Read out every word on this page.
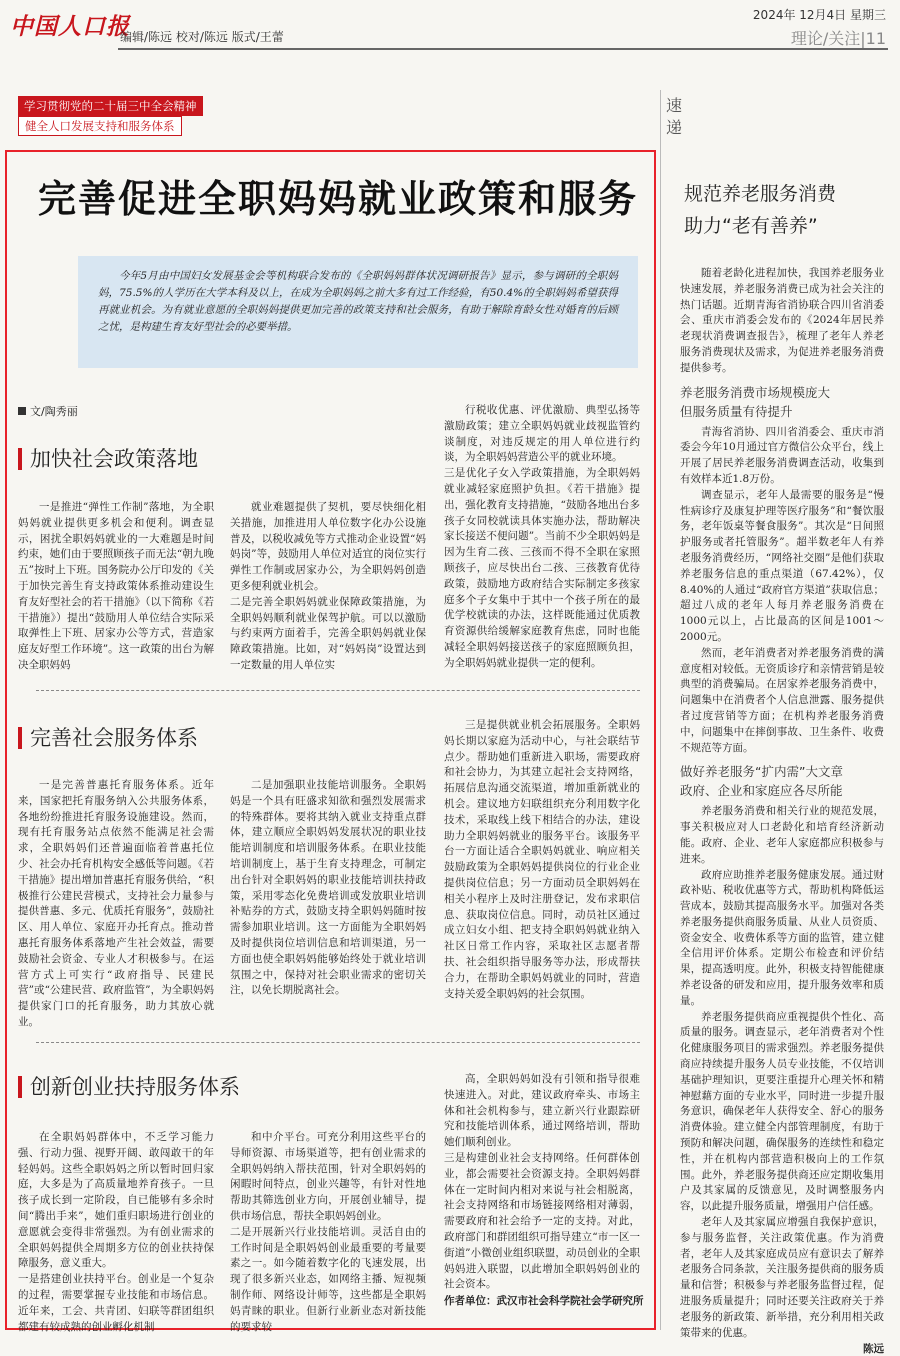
中国人口报
编辑/陈远 校对/陈远 版式/王蕾
2024年 12月4日 星期三
理论/关注|11
学习贯彻党的二十届三中全会精神
健全人口发展支持和服务体系
完善促进全职妈妈就业政策和服务
今年5月由中国妇女发展基金会等机构联合发布的《全职妈妈群体状况调研报告》显示，参与调研的全职妈妈，75.5%的人学历在大学本科及以上，在成为全职妈妈之前大多有过工作经验，有50.4%的全职妈妈希望获得再就业机会。为有就业意愿的全职妈妈提供更加完善的政策支持和社会服务，有助于解除育龄女性对婚育的后顾之忧，是构建生育友好型社会的必要举措。
文/陶秀丽
加快社会政策落地
一是推进“弹性工作制”落地，为全职妈妈就业提供更多机会和便利。调查显示，困扰全职妈妈就业的一大难题是时间约束，她们由于要照顾孩子而无法“朝九晚五”按时上下班。国务院办公厅印发的《关于加快完善生育支持政策体系推动建设生育友好型社会的若干措施》（以下简称《若干措施》）提出“鼓励用人单位结合实际采取弹性上下班、居家办公等方式，营造家庭友好型工作环境”。这一政策的出台为解决全职妈妈
就业难题提供了契机，要尽快细化相关措施，加推进用人单位数字化办公设施普及，以税收减免等方式推动企业设置“妈妈岗”等，鼓励用人单位对适宜的岗位实行弹性工作制或居家办公，为全职妈妈创造更多便利就业机会。
二是完善全职妈妈就业保障政策措施，为全职妈妈顺利就业保驾护航。可以以激励与约束两方面着手，完善全职妈妈就业保障政策措施。比如，对“妈妈岗”设置达到一定数量的用人单位实
行税收优惠、评优激励、典型弘扬等激励政策；建立全职妈妈就业歧视监管约谈制度，对违反规定的用人单位进行约谈，为全职妈妈营造公平的就业环境。
三是优化子女入学政策措施，为全职妈妈就业减轻家庭照护负担。《若干措施》提出，强化教育支持措施，“鼓励各地出台多孩子女同校就读具体实施办法，帮助解决家长接送不便问题”。当前不少全职妈妈是因为生育二孩、三孩而不得不全职在家照顾孩子，应尽快出台二孩、三孩教育优待政策，鼓励地方政府结合实际制定多孩家庭多个子女集中于其中一个孩子所在的最优学校就读的办法，这样既能通过优质教育资源供给缓解家庭教育焦虑，同时也能减轻全职妈妈接送孩子的家庭照顾负担，为全职妈妈就业提供一定的便利。
完善社会服务体系
一是完善普惠托育服务体系。近年来，国家把托育服务纳入公共服务体系，各地纷纷推进托育服务设施建设。然而，现有托育服务站点依然不能满足社会需求，全职妈妈们还普遍面临着普惠托位少、社会办托育机构安全感低等问题。《若干措施》提出增加普惠托育服务供给，“积极推行公建民营模式，支持社会力量参与提供普惠、多元、优质托育服务”，鼓励社区、用人单位、家庭开办托育点。推动普惠托育服务体系落地产生社会效益，需要鼓励社会资金、专业人才积极参与。在运营方式上可实行“政府指导、民建民营”或“公建民营、政府监管”，为全职妈妈提供家门口的托育服务，助力其放心就业。
二是加强职业技能培训服务。全职妈妈是一个具有旺盛求知欲和强烈发展需求的特殊群体。要将其纳入就业支持重点群体，建立顺应全职妈妈发展状况的职业技能培训制度和培训服务体系。在职业技能培训制度上，基于生育支持理念，可制定出台针对全职妈妈的职业技能培训扶持政策，采用零态化免费培训或发放职业培训补贴券的方式，鼓励支持全职妈妈随时按需参加职业培训。这一方面能为全职妈妈及时提供岗位培训信息和培训渠道，另一方面也使全职妈妈能够始终处于就业培训氛围之中，保持对社会职业需求的密切关注，以免长期脱离社会。
三是提供就业机会拓展服务。全职妈妈长期以家庭为活动中心，与社会联结节点少。帮助她们重新进入职场，需要政府和社会协力，为其建立起社会支持网络，拓展信息沟通交流渠道，增加重新就业的机会。建议地方妇联组织充分利用数字化技术，采取线上线下相结合的办法，建设助力全职妈妈就业的服务平台。该服务平台一方面让适合全职妈妈就业、响应相关鼓励政策为全职妈妈提供岗位的行业企业提供岗位信息；另一方面动员全职妈妈在相关小程序上及时注册登记，发布求职信息、获取岗位信息。同时，动员社区通过成立妇女小组、把支持全职妈妈就业纳入社区日常工作内容，采取社区志愿者帮扶、社会组织指导服务等办法，形成帮扶合力，在帮助全职妈妈就业的同时，营造支持关爱全职妈妈的社会氛围。
创新创业扶持服务体系
在全职妈妈群体中，不乏学习能力强、行动力强、视野开阔、敢闯敢干的年轻妈妈。这些全职妈妈之所以暂时回归家庭，大多是为了高质量地养育孩子。一旦孩子成长到一定阶段，自已能够有多余时间“腾出手来”，她们重归职场进行创业的意愿就会变得非常强烈。为有创业需求的全职妈妈提供全周期多方位的创业扶持保障服务，意义重大。
一是搭建创业扶持平台。创业是一个复杂的过程，需要掌握专业技能和市场信息。近年来，工会、共青团、妇联等群团组织都建有较成熟的创业孵化机制
和中介平台。可充分利用这些平台的导师资源、市场渠道等，把有创业需求的全职妈妈纳入帮扶范围，针对全职妈妈的闲暇时间特点，创业兴趣等，有针对性地帮助其筛选创业方向，开展创业辅导，提供市场信息，帮扶全职妈妈创业。
二是开展新兴行业技能培训。灵活自由的工作时间是全职妈妈创业最重要的考量要素之一。如今随着数字化的飞速发展，出现了很多新兴业态，如网络主播、短视频制作师、网络设计师等，这些都是全职妈妈青睐的职业。但新行业新业态对新技能的要求较
高，全职妈妈如没有引领和指导很难快速进入。对此，建议政府牵头、市场主体和社会机构参与，建立新兴行业跟踪研究和技能培训体系，通过网络培训，帮助她们顺利创业。
三是构建创业社会支持网络。任何群体创业，都会需要社会资源支持。全职妈妈群体在一定时间内相对来说与社会相脱离，社会支持网络和市场链接网络相对薄弱，需要政府和社会给予一定的支持。对此，政府部门和群团组织可指导建立“市一区一街道”小微创业组织联盟，动员创业的全职妈妈进入联盟，以此增加全职妈妈创业的社会资本。
作者单位：武汉市社会科学院社会学研究所
速递
规范养老服务消费
助力“老有善养”
随着老龄化进程加快，我国养老服务业快速发展，养老服务消费已成为社会关注的热门话题。近期青海省消协联合四川省消委会、重庆市消委会发布的《2024年居民养老现状消费调查报告》，梳理了老年人养老服务消费现状及需求，为促进养老服务消费提供参考。
养老服务消费市场规模庞大
但服务质量有待提升
青海省消协、四川省消委会、重庆市消委会今年10月通过官方微信公众平台，线上开展了居民养老服务消费调查活动，收集到有效样本近1.8万份。
调查显示，老年人最需要的服务是“慢性病诊疗及康复护理等医疗服务”和“餐饮服务，老年饭桌等餐食服务”。其次是“日间照护服务或者托管服务”。超半数老年人有养老服务消费经历，“网络社交圈”是他们获取养老服务信息的重点渠道（67.42%），仅8.40%的人通过“政府官方渠道”获取信息；超过八成的老年人每月养老服务消费在1000元以上，占比最高的区间是1001～2000元。
然而，老年消费者对养老服务消费的满意度相对较低。无资质诊疗和亲情营销是较典型的消费骗局。在居家养老服务消费中，问题集中在消费者个人信息泄露、服务提供者过度营销等方面；在机构养老服务消费中，问题集中在摔倒事故、卫生条件、收费不规范等方面。
做好养老服务“扩内需”大文章
政府、企业和家庭应各尽所能
养老服务消费和相关行业的规范发展，事关积极应对人口老龄化和培育经济新动能。政府、企业、老年人家庭都应积极参与进来。
政府应助推养老服务健康发展。通过财政补贴、税收优惠等方式，帮助机构降低运营成本，鼓励其提高服务水平。加强对各类养老服务提供商服务质量、从业人员资质、资金安全、收费体系等方面的监管，建立健全信用评价体系。定期公布检查和评价结果，提高透明度。此外，积极支持智能健康养老设备的研发和应用，提升服务效率和质量。
养老服务提供商应重视提供个性化、高质量的服务。调查显示，老年消费者对个性化健康服务项目的需求强烈。养老服务提供商应持续提升服务人员专业技能，不仅培训基础护理知识，更要注重提升心理关怀和精神慰藉方面的专业水平，同时进一步提升服务意识，确保老年人获得安全、舒心的服务消费体验。建立健全内部管理制度，有助于预防和解决问题，确保服务的连续性和稳定性，并在机构内部营造积极向上的工作氛围。此外，养老服务提供商还应定期收集用户及其家属的反馈意见，及时调整服务内容，以此提升服务质量，增强用户信任感。
老年人及其家属应增强自我保护意识，参与服务监督，关注政策优惠。作为消费者，老年人及其家庭成员应有意识去了解养老服务合同条款，关注服务提供商的服务质量和信誉；积极参与养老服务监督过程，促进服务质量提升；同时还要关注政府关于养老服务的新政策、新举措，充分利用相关政策带来的优惠。
陈远
